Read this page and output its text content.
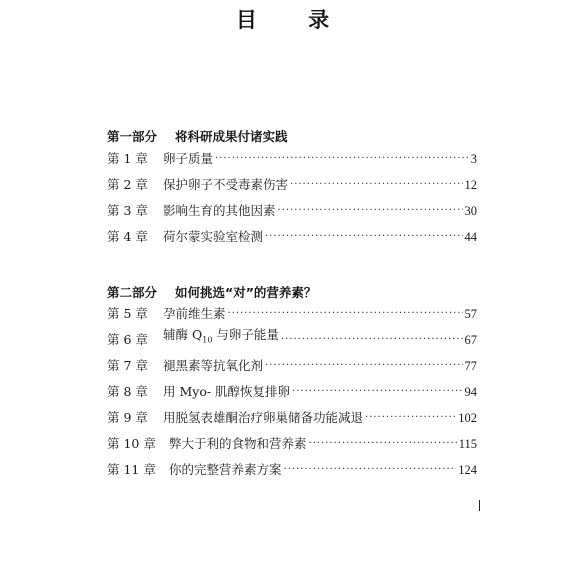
目 录
第一部分 将科研成果付诸实践
第 1 章	卵子质量 ·····	3
第 2 章	保护卵子不受毒素伤害 ·····	12
第 3 章	影响生育的其他因素 ·····	30
第 4 章	荷尔蒙实验室检测 ·····	44
第二部分 如何挑选“对”的营养素？
第 5 章	孕前维生素 ·····	57
第 6 章	辅酶 $Q_{10}$ 与卵子能量 ·····	67
第 7 章	褪黑素等抗氧化剂 ·····	77
第 8 章	用 Myo- 肌醇恢复排卵 ·····	94
第 9 章	用脱氢表雄酮治疗卵巢储备功能减退 ·····	102
第 10 章	弊大于利的食物和营养素 ·····	115
第 11 章	你的完整营养素方案 ·····	124
